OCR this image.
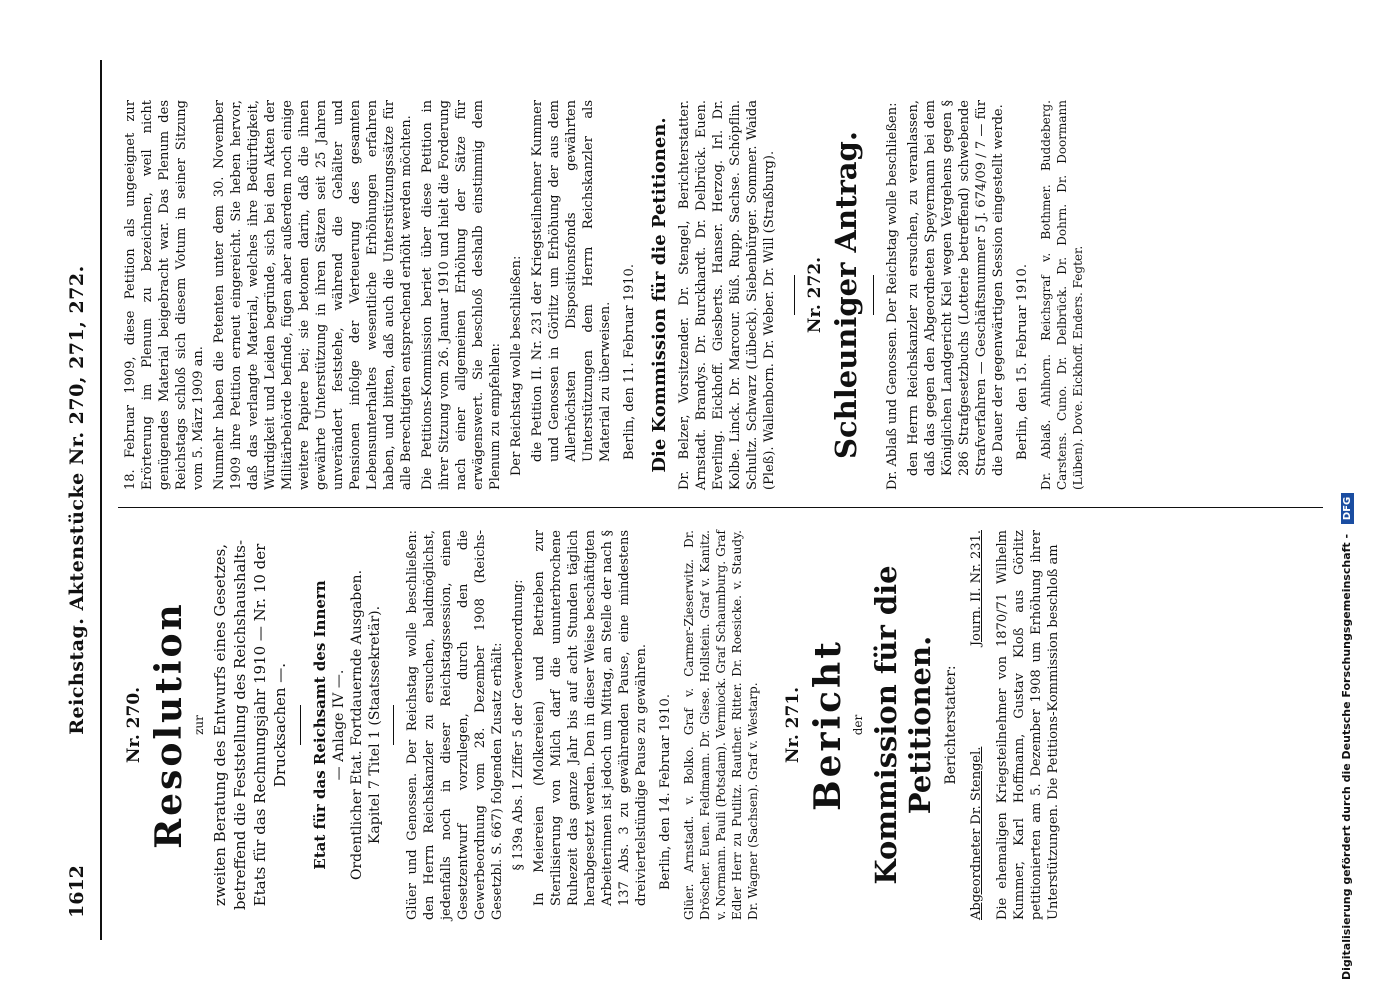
1612
Reichstag. Aktenstücke Nr. 270, 271, 272. Nr. 270. Resolution zur zweiten Beratung des Entwurfs eines Gesetzes, betreffend die Feststellung des Reichshaushalts-Etats für das Rechnungsjahr 1910 — Nr. 10 der Drucksachen —. Etat für das Reichsamt des Innern — Anlage IV —. Ordentlicher Etat. Fortdauernde Ausgaben. Kapitel 7 Titel 1 (Staatssekretär). Glüer und Genossen. Der Reichstag wolle beschließen: den Herrn Reichskanzler zu ersuchen, baldmöglichst, jedenfalls noch in dieser Reichstagssession, einen Gesetzentwurf vorzulegen, durch den die Gewerbeordnung vom 28. Dezember 1908 (Reichs-Gesetzbl. S. 667) folgenden Zusatz erhält: § 139a Abs. 1 Ziffer 5 der Gewerbeordnung: In Meiereien (Molkereien) und Betrieben zur Sterilisierung von Milch darf die ununterbrochene Ruhezeit das ganze Jahr bis auf acht Stunden täglich herabgesetzt werden. Den in dieser Weise beschäftigten Arbeiterinnen ist jedoch um Mittag, an Stelle der nach § 137 Abs. 3 zu gewährenden Pause, eine mindestens dreiviertelstündige Pause zu gewähren. Berlin, den 14. Februar 1910. Glüer. Arnstadt. v. Bolko. Graf v. Carmer-Zieserwitz. Dr. Dröscher. Euen. Feldmann. Dr. Giese. Hollstein. Graf v. Kanitz. v. Normann. Pauli (Potsdam). Vermiock. Graf Schaumburg. Graf Edler Herr zu Putlitz. Rauther. Ritter. Dr. Roesicke. v. Staudy. Dr. Wagner (Sachsen). Graf v. Westarp. Nr. 271. Bericht der Kommission für die Petitionen. Berichterstatter:
Abgeordneter Dr. Stengel.
Journ. II. Nr. 231. Die ehemaligen Kriegsteilnehmer von 1870/71 Wilhelm Kummer, Karl Hoffmann, Gustav Kloß aus Görlitz petitionierten am 5. Dezember 1908 um Erhöhung ihrer Unterstützungen. Die Petitions-Kommission beschloß am

18. Februar 1909, diese Petition als ungeeignet zur Erörterung im Plenum zu bezeichnen, weil nicht genügendes Material beigebracht war. Das Plenum des Reichstags schloß sich diesem Votum in seiner Sitzung vom 5. März 1909 an. Nunmehr haben die Petenten unter dem 30. November 1909 ihre Petition erneut eingereicht. Sie heben hervor, daß das verlangte Material, welches ihre Bedürftigkeit, Würdigkeit und Leiden begründe, sich bei den Akten der Militärbehörde befinde, fügen aber außerdem noch einige weitere Papiere bei; sie betonen darin, daß die ihnen gewährte Unterstützung in ihren Sätzen seit 25 Jahren unverändert feststehe, während die Gehälter und Pensionen infolge der Verteuerung des gesamten Lebensunterhaltes wesentliche Erhöhungen erfahren haben, und bitten, daß auch die Unterstützungssätze für alle Berechtigten entsprechend erhöht werden möchten. Die Petitions-Kommission beriet über diese Petition in ihrer Sitzung vom 26. Januar 1910 und hielt die Forderung nach einer allgemeinen Erhöhung der Sätze für erwägenswert. Sie beschloß deshalb einstimmig dem Plenum zu empfehlen: Der Reichstag wolle beschließen: die Petition II. Nr. 231 der Kriegsteilnehmer Kummer und Genossen in Görlitz um Erhöhung der aus dem Allerhöchsten Dispositionsfonds gewährten Unterstützungen dem Herrn Reichskanzler als Material zu überweisen. Berlin, den 11. Februar 1910. Die Kommission für die Petitionen. Dr. Belzer, Vorsitzender. Dr. Stengel, Berichterstatter. Arnstadt. Brandys. Dr. Burckhardt. Dr. Delbrück. Euen. Everling. Eickhoff. Giesberts. Hanser. Herzog. Irl. Dr. Kolbe. Linck. Dr. Marcour. Büß. Rupp. Sachse. Schöpflin. Schultz. Schwarz (Lübeck). Siebenbürger. Sommer. Waida (Pleß). Wallenborn. Dr. Weber. Dr. Will (Straßburg). Nr. 272. Schleuniger Antrag. Dr. Ablaß und Genossen. Der Reichstag wolle beschließen: den Herrn Reichskanzler zu ersuchen, zu veranlassen, daß das gegen den Abgeordneten Speyermann bei dem Königlichen Landgericht Kiel wegen Vergehens gegen § 286 Strafgesetzbuchs (Lotterie betreffend) schwebende Strafverfahren — Geschäftsnummer 5 J. 674/09 / 7 — für die Dauer der gegenwärtigen Session eingestellt werde. Berlin, den 15. Februar 1910. Dr. Ablaß. Ahlhorn. Reichsgraf v. Bothmer. Buddeberg. Carstens. Cuno. Dr. Delbrück. Dr. Dohrn. Dr. Doormann (Lüben). Dove. Eickhoff. Enders. Fegter.
Digitalisierung gefördert durch die Deutsche Forschungsgemeinschaft - DFG
